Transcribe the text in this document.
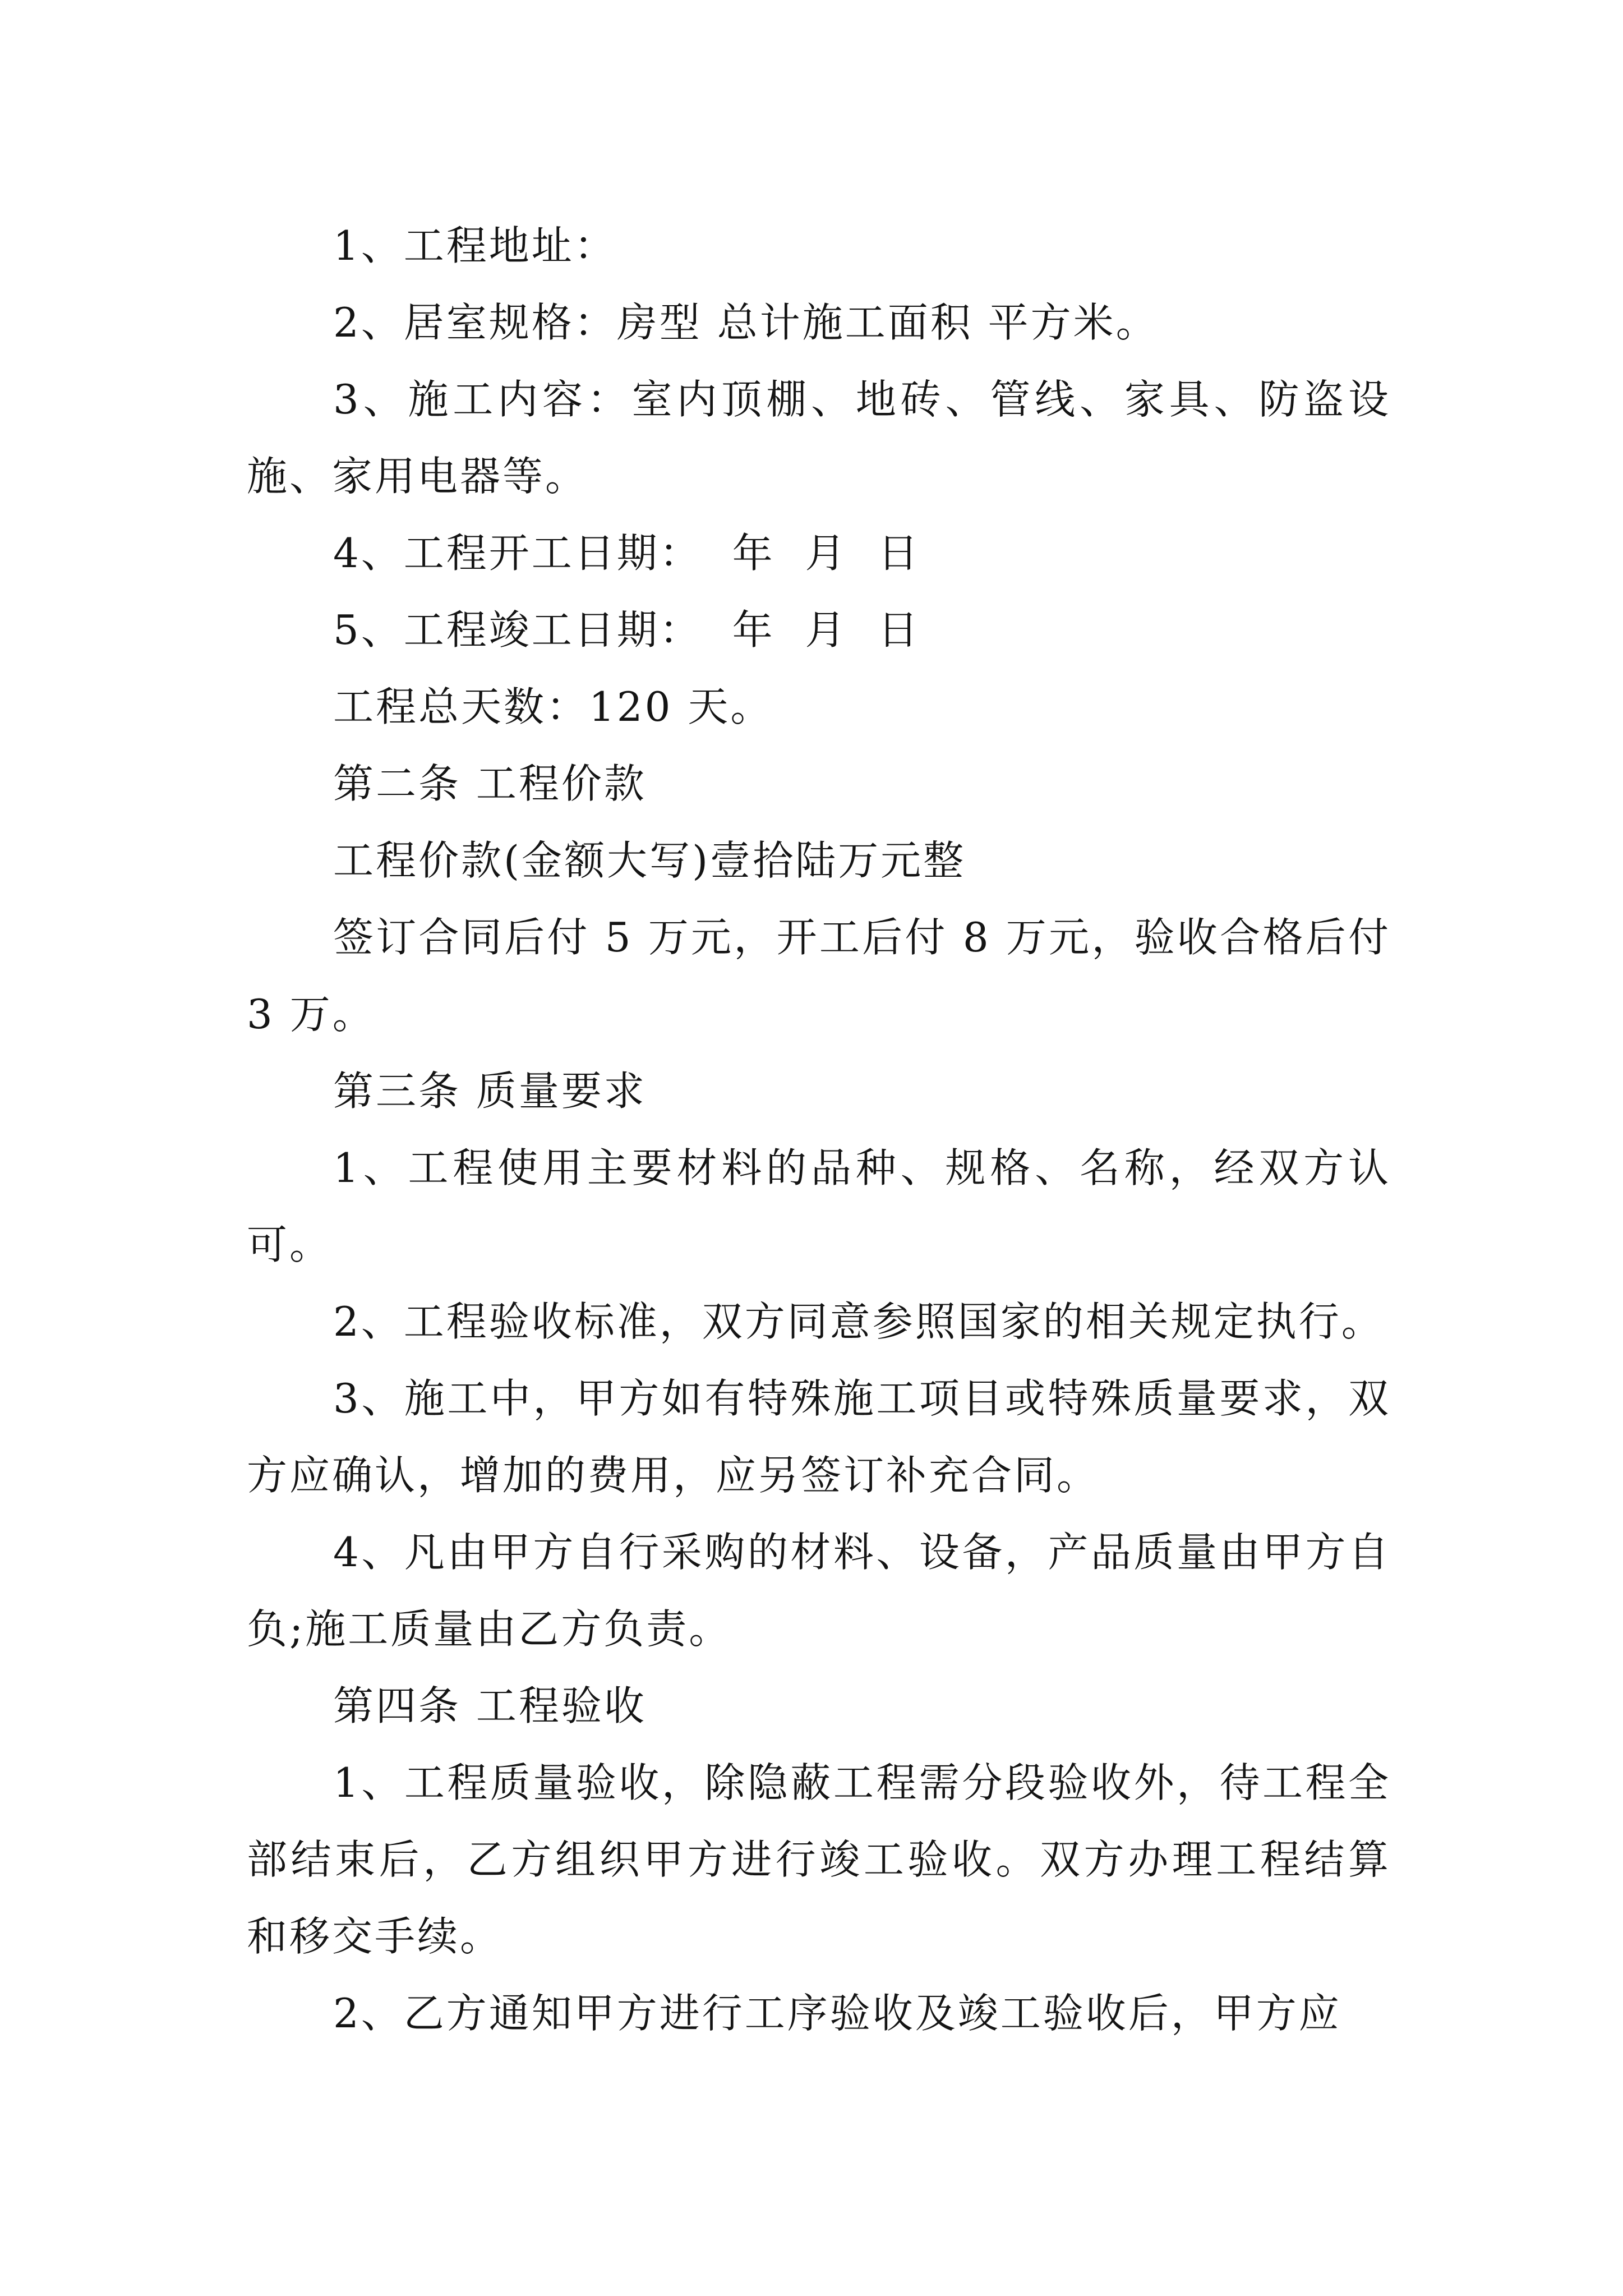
1、工程地址：

2、居室规格：房型 总计施工面积 平方米。

3、施工内容：室内顶棚、地砖、管线、家具、防盗设施、家用电器等。

4、工程开工日期：  年  月  日

5、工程竣工日期：  年  月  日

工程总天数：120 天。

第二条 工程价款

工程价款(金额大写)壹拾陆万元整

签订合同后付 5 万元，开工后付 8 万元，验收合格后付 3 万。

第三条 质量要求

1、工程使用主要材料的品种、规格、名称，经双方认可。

2、工程验收标准，双方同意参照国家的相关规定执行。

3、施工中，甲方如有特殊施工项目或特殊质量要求，双方应确认，增加的费用，应另签订补充合同。

4、凡由甲方自行采购的材料、设备，产品质量由甲方自负;施工质量由乙方负责。

第四条 工程验收

1、工程质量验收，除隐蔽工程需分段验收外，待工程全部结束后，乙方组织甲方进行竣工验收。双方办理工程结算和移交手续。

2、乙方通知甲方进行工序验收及竣工验收后，甲方应
